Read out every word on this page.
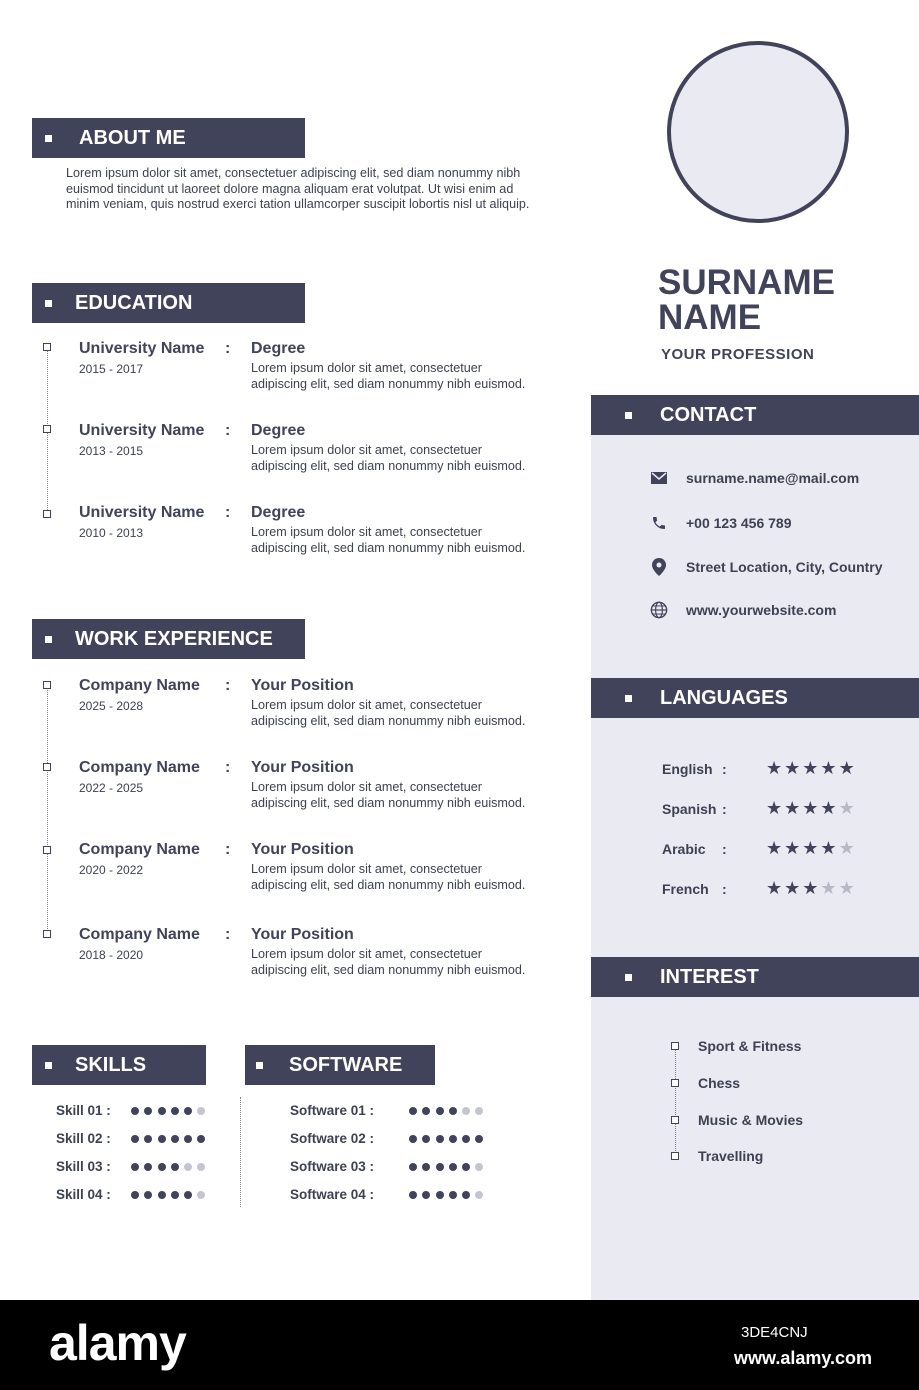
ABOUT ME
Lorem ipsum dolor sit amet, consectetuer adipiscing elit, sed diam nonummy nibh euismod tincidunt ut laoreet dolore magna aliquam erat volutpat. Ut wisi enim ad minim veniam, quis nostrud exerci tation ullamcorper suscipit lobortis nisl ut aliquip.
EDUCATION
University Name :
2015 - 2017
Degree
Lorem ipsum dolor sit amet, consectetuer adipiscing elit, sed diam nonummy nibh euismod.
University Name :
2013 - 2015
Degree
Lorem ipsum dolor sit amet, consectetuer adipiscing elit, sed diam nonummy nibh euismod.
University Name :
2010 - 2013
Degree
Lorem ipsum dolor sit amet, consectetuer adipiscing elit, sed diam nonummy nibh euismod.
WORK EXPERIENCE
Company Name :
2025 - 2028
Your Position
Lorem ipsum dolor sit amet, consectetuer adipiscing elit, sed diam nonummy nibh euismod.
Company Name :
2022 - 2025
Your Position
Lorem ipsum dolor sit amet, consectetuer adipiscing elit, sed diam nonummy nibh euismod.
Company Name :
2020 - 2022
Your Position
Lorem ipsum dolor sit amet, consectetuer adipiscing elit, sed diam nonummy nibh euismod.
Company Name :
2018 - 2020
Your Position
Lorem ipsum dolor sit amet, consectetuer adipiscing elit, sed diam nonummy nibh euismod.
SKILLS
Skill 01 :
Skill 02 :
Skill 03 :
Skill 04 :
SOFTWARE
Software 01 :
Software 02 :
Software 03 :
Software 04 :
SURNAME
NAME
YOUR PROFESSION
CONTACT
surname.name@mail.com
+00 123 456 789
Street Location, City, Country
www.yourwebsite.com
LANGUAGES
English : ★★★★★
Spanish : ★★★★★
Arabic : ★★★★★
French : ★★★★★
INTEREST
Sport & Fitness
Chess
Music & Movies
Travelling
alamy	3DE4CNJ
www.alamy.com
